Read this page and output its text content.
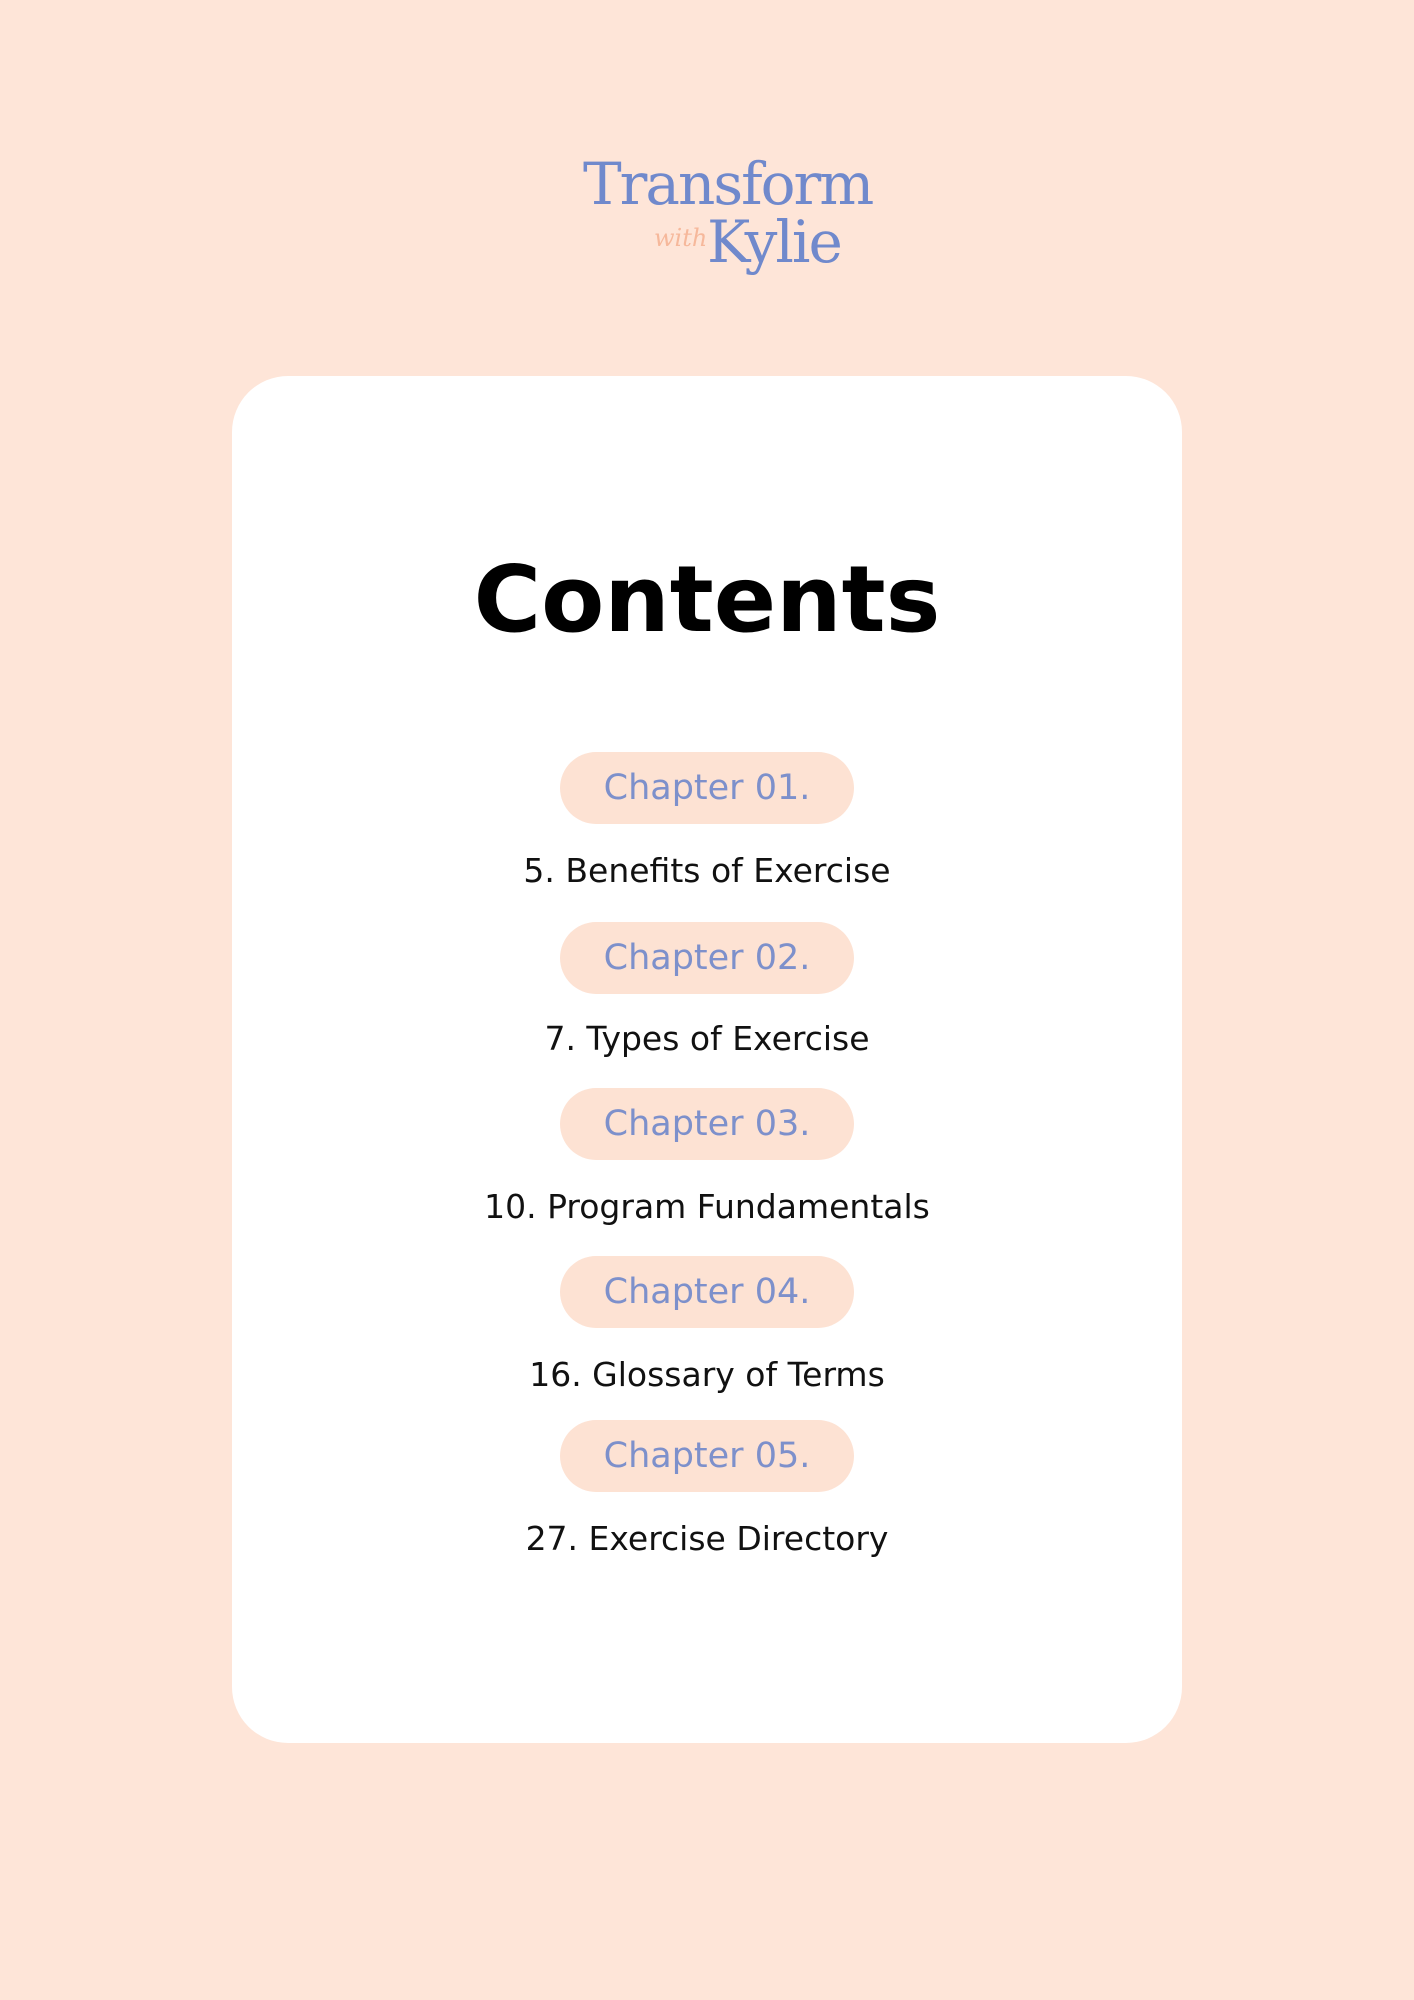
Transform
with Kylie
Contents
Chapter 01.
5. Benefits of Exercise
Chapter 02.
7. Types of Exercise
Chapter 03.
10. Program Fundamentals
Chapter 04.
16. Glossary of Terms
Chapter 05.
27. Exercise Directory
